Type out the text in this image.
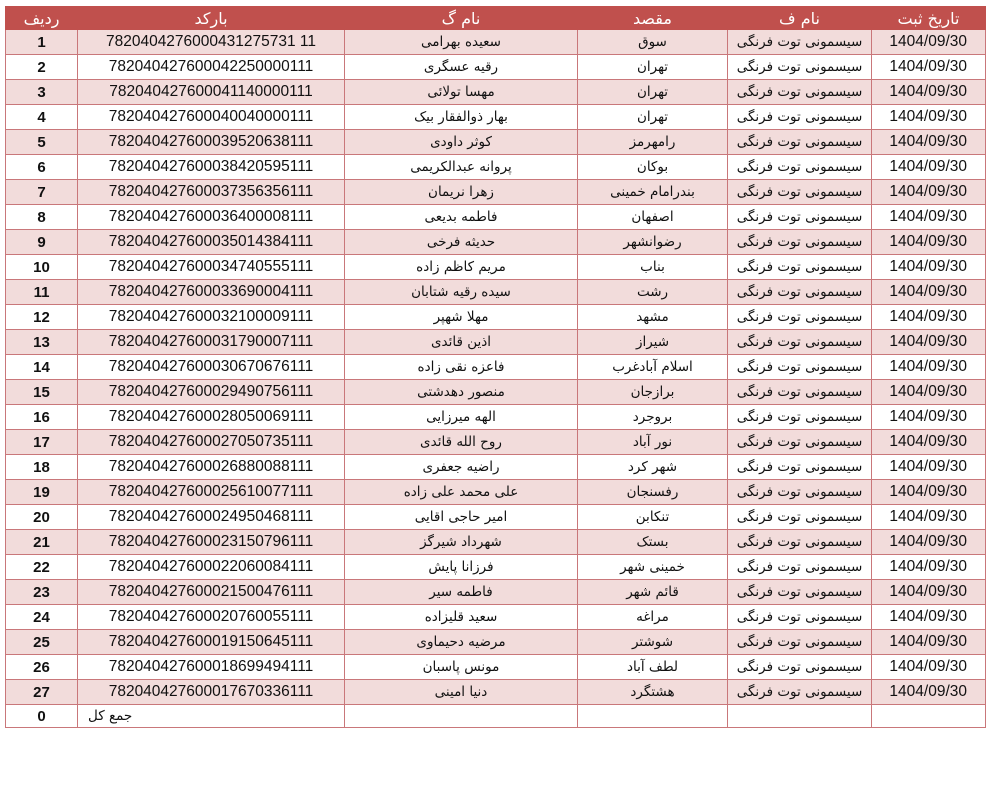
ردیف	بارکد	نام گ	مقصد	نام ف	تاریخ ثبت
1	7820404276000431275731 11	سعیده بهرامی	سوق	سیسمونی توت فرنگی	1404/09/30
2	782040427600042250000111	رقیه عسگری	تهران	سیسمونی توت فرنگی	1404/09/30
3	782040427600041140000111	مهسا تولائی	تهران	سیسمونی توت فرنگی	1404/09/30
4	782040427600040040000111	بهار ذوالفقار بیک	تهران	سیسمونی توت فرنگی	1404/09/30
5	782040427600039520638111	کوثر داودی	رامهرمز	سیسمونی توت فرنگی	1404/09/30
6	782040427600038420595111	پروانه عبدالکریمی	بوکان	سیسمونی توت فرنگی	1404/09/30
7	782040427600037356356111	زهرا نریمان	بندرامام خمینی	سیسمونی توت فرنگی	1404/09/30
8	782040427600036400008111	فاطمه بدیعی	اصفهان	سیسمونی توت فرنگی	1404/09/30
9	782040427600035014384111	حدیثه فرخی	رضوانشهر	سیسمونی توت فرنگی	1404/09/30
10	782040427600034740555111	مریم کاظم زاده	بناب	سیسمونی توت فرنگی	1404/09/30
11	782040427600033690004111	سیده رقیه شتابان	رشت	سیسمونی توت فرنگی	1404/09/30
12	782040427600032100009111	مهلا شهپر	مشهد	سیسمونی توت فرنگی	1404/09/30
13	782040427600031790007111	اذین قائدی	شیراز	سیسمونی توت فرنگی	1404/09/30
14	782040427600030670676111	فاعزه نقی زاده	اسلام آبادغرب	سیسمونی توت فرنگی	1404/09/30
15	782040427600029490756111	منصور دهدشتی	برازجان	سیسمونی توت فرنگی	1404/09/30
16	782040427600028050069111	الهه میرزایی	بروجرد	سیسمونی توت فرنگی	1404/09/30
17	782040427600027050735111	روح الله قائدی	نور آباد	سیسمونی توت فرنگی	1404/09/30
18	782040427600026880088111	راضیه جعفری	شهر کرد	سیسمونی توت فرنگی	1404/09/30
19	782040427600025610077111	علی محمد علی زاده	رفسنجان	سیسمونی توت فرنگی	1404/09/30
20	782040427600024950468111	امیر حاجی اقایی	تنکابن	سیسمونی توت فرنگی	1404/09/30
21	782040427600023150796111	شهرداد شیرگز	بستک	سیسمونی توت فرنگی	1404/09/30
22	782040427600022060084111	فرزانا پایش	خمینی شهر	سیسمونی توت فرنگی	1404/09/30
23	782040427600021500476111	فاطمه سیر	قائم شهر	سیسمونی توت فرنگی	1404/09/30
24	782040427600020760055111	سعید قلیزاده	مراغه	سیسمونی توت فرنگی	1404/09/30
25	782040427600019150645111	مرضیه دحیماوی	شوشتر	سیسمونی توت فرنگی	1404/09/30
26	782040427600018699494111	مونس پاسبان	لطف آباد	سیسمونی توت فرنگی	1404/09/30
27	782040427600017670336111	دنیا امینی	هشتگرد	سیسمونی توت فرنگی	1404/09/30
0	جمع کل				
